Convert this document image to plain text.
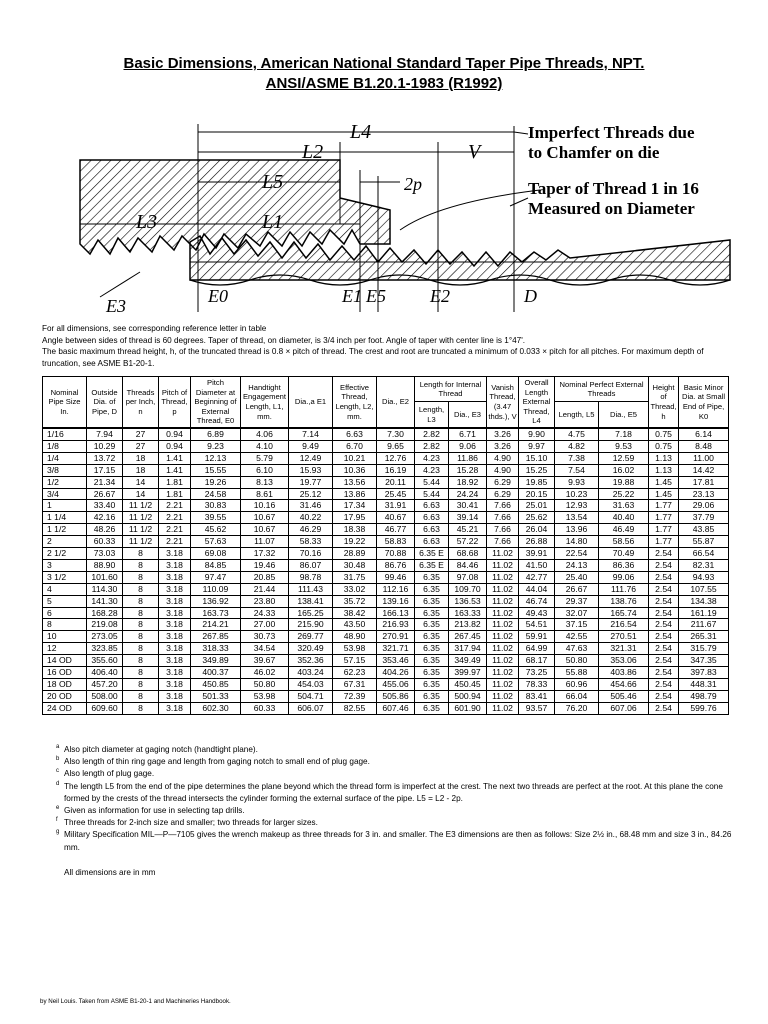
Basic Dimensions, American National Standard Taper Pipe Threads, NPT.
ANSI/ASME B1.20.1-1983 (R1992)
L4
L2	V
L5	2p
L3	L1
E3	E0	E1 E5 E2	D
Imperfect Threads due
to Chamfer on die
Taper of Thread 1 in 16
Measured on Diameter
For all dimensions, see corresponding reference letter in table
Angle between sides of thread is 60 degrees. Taper of thread, on diameter, is 3/4 inch per foot. Angle of taper with center line is 1°47'.
The basic maximum thread height, h, of the truncated thread is 0.8 × pitch of thread. The crest and root are truncated a minimum of 0.033 × pitch for all pitches. For maximum depth of truncation, see ASME B1-20-1.
Nominal Pipe Size In.	Outside Dia. of Pipe, D	Threads per Inch, n	Pitch of Thread, p	Pitch Diameter at Beginning of External Thread, E0	Handtight Engagement Length, L1, mm.	Dia.,a E1	Effective Thread, Length, L2, mm.	Dia., E2	Length for Internal Thread		Vanish Thread, (3.47 thds.), V	Overall Length External Thread, L4	Nominal Perfect External Threads		Height of Thread, h	Basic Minor Dia. at Small End of Pipe, K0
									Length, L3	Dia., E3			Length, L5	Dia., E5		
1/16	7.94	27	0.94	6.89	4.06	7.14	6.63	7.30	2.82	6.71	3.26	9.90	4.75	7.18	0.75	6.14
1/8	10.29	27	0.94	9.23	4.10	9.49	6.70	9.65	2.82	9.06	3.26	9.97	4.82	9.53	0.75	8.48
1/4	13.72	18	1.41	12.13	5.79	12.49	10.21	12.76	4.23	11.86	4.90	15.10	7.38	12.59	1.13	11.00
3/8	17.15	18	1.41	15.55	6.10	15.93	10.36	16.19	4.23	15.28	4.90	15.25	7.54	16.02	1.13	14.42
1/2	21.34	14	1.81	19.26	8.13	19.77	13.56	20.11	5.44	18.92	6.29	19.85	9.93	19.88	1.45	17.81
3/4	26.67	14	1.81	24.58	8.61	25.12	13.86	25.45	5.44	24.24	6.29	20.15	10.23	25.22	1.45	23.13
1	33.40	11 1/2	2.21	30.83	10.16	31.46	17.34	31.91	6.63	30.41	7.66	25.01	12.93	31.63	1.77	29.06
1 1/4	42.16	11 1/2	2.21	39.55	10.67	40.22	17.95	40.67	6.63	39.14	7.66	25.62	13.54	40.40	1.77	37.79
1 1/2	48.26	11 1/2	2.21	45.62	10.67	46.29	18.38	46.77	6.63	45.21	7.66	26.04	13.96	46.49	1.77	43.85
2	60.33	11 1/2	2.21	57.63	11.07	58.33	19.22	58.83	6.63	57.22	7.66	26.88	14.80	58.56	1.77	55.87
2 1/2	73.03	8	3.18	69.08	17.32	70.16	28.89	70.88	6.35 E	68.68	11.02	39.91	22.54	70.49	2.54	66.54
3	88.90	8	3.18	84.85	19.46	86.07	30.48	86.76	6.35 E	84.46	11.02	41.50	24.13	86.36	2.54	82.31
3 1/2	101.60	8	3.18	97.47	20.85	98.78	31.75	99.46	6.35	97.08	11.02	42.77	25.40	99.06	2.54	94.93
4	114.30	8	3.18	110.09	21.44	111.43	33.02	112.16	6.35	109.70	11.02	44.04	26.67	111.76	2.54	107.55
5	141.30	8	3.18	136.92	23.80	138.41	35.72	139.16	6.35	136.53	11.02	46.74	29.37	138.76	2.54	134.38
6	168.28	8	3.18	163.73	24.33	165.25	38.42	166.13	6.35	163.33	11.02	49.43	32.07	165.74	2.54	161.19
8	219.08	8	3.18	214.21	27.00	215.90	43.50	216.93	6.35	213.82	11.02	54.51	37.15	216.54	2.54	211.67
10	273.05	8	3.18	267.85	30.73	269.77	48.90	270.91	6.35	267.45	11.02	59.91	42.55	270.51	2.54	265.31
12	323.85	8	3.18	318.33	34.54	320.49	53.98	321.71	6.35	317.94	11.02	64.99	47.63	321.31	2.54	315.79
14 OD	355.60	8	3.18	349.89	39.67	352.36	57.15	353.46	6.35	349.49	11.02	68.17	50.80	353.06	2.54	347.35
16 OD	406.40	8	3.18	400.37	46.02	403.24	62.23	404.26	6.35	399.97	11.02	73.25	55.88	403.86	2.54	397.83
18 OD	457.20	8	3.18	450.85	50.80	454.03	67.31	455.06	6.35	450.45	11.02	78.33	60.96	454.66	2.54	448.31
20 OD	508.00	8	3.18	501.33	53.98	504.71	72.39	505.86	6.35	500.94	11.02	83.41	66.04	505.46	2.54	498.79
24 OD	609.60	8	3.18	602.30	60.33	606.07	82.55	607.46	6.35	601.90	11.02	93.57	76.20	607.06	2.54	599.76
a Also pitch diameter at gaging notch (handtight plane).
b Also length of thin ring gage and length from gaging notch to small end of plug gage.
c Also length of plug gage.
d The length L5 from the end of the pipe determines the plane beyond which the thread form is imperfect at the crest. The next two threads are perfect at the root. At this plane the cone formed by the crests of the thread intersects the cylinder forming the external surface of the pipe. L5 = L2 - 2p.
e Given as information for use in selecting tap drills.
f Three threads for 2-inch size and smaller; two threads for larger sizes.
g Military Specification MIL—P—7105 gives the wrench makeup as three threads for 3 in. and smaller. The E3 dimensions are then as follows: Size 2½ in., 68.48 mm and size 3 in., 84.26 mm.
All dimensions are in mm
by Neil Louis. Taken from ASME B1-20-1 and Machineries Handbook.
